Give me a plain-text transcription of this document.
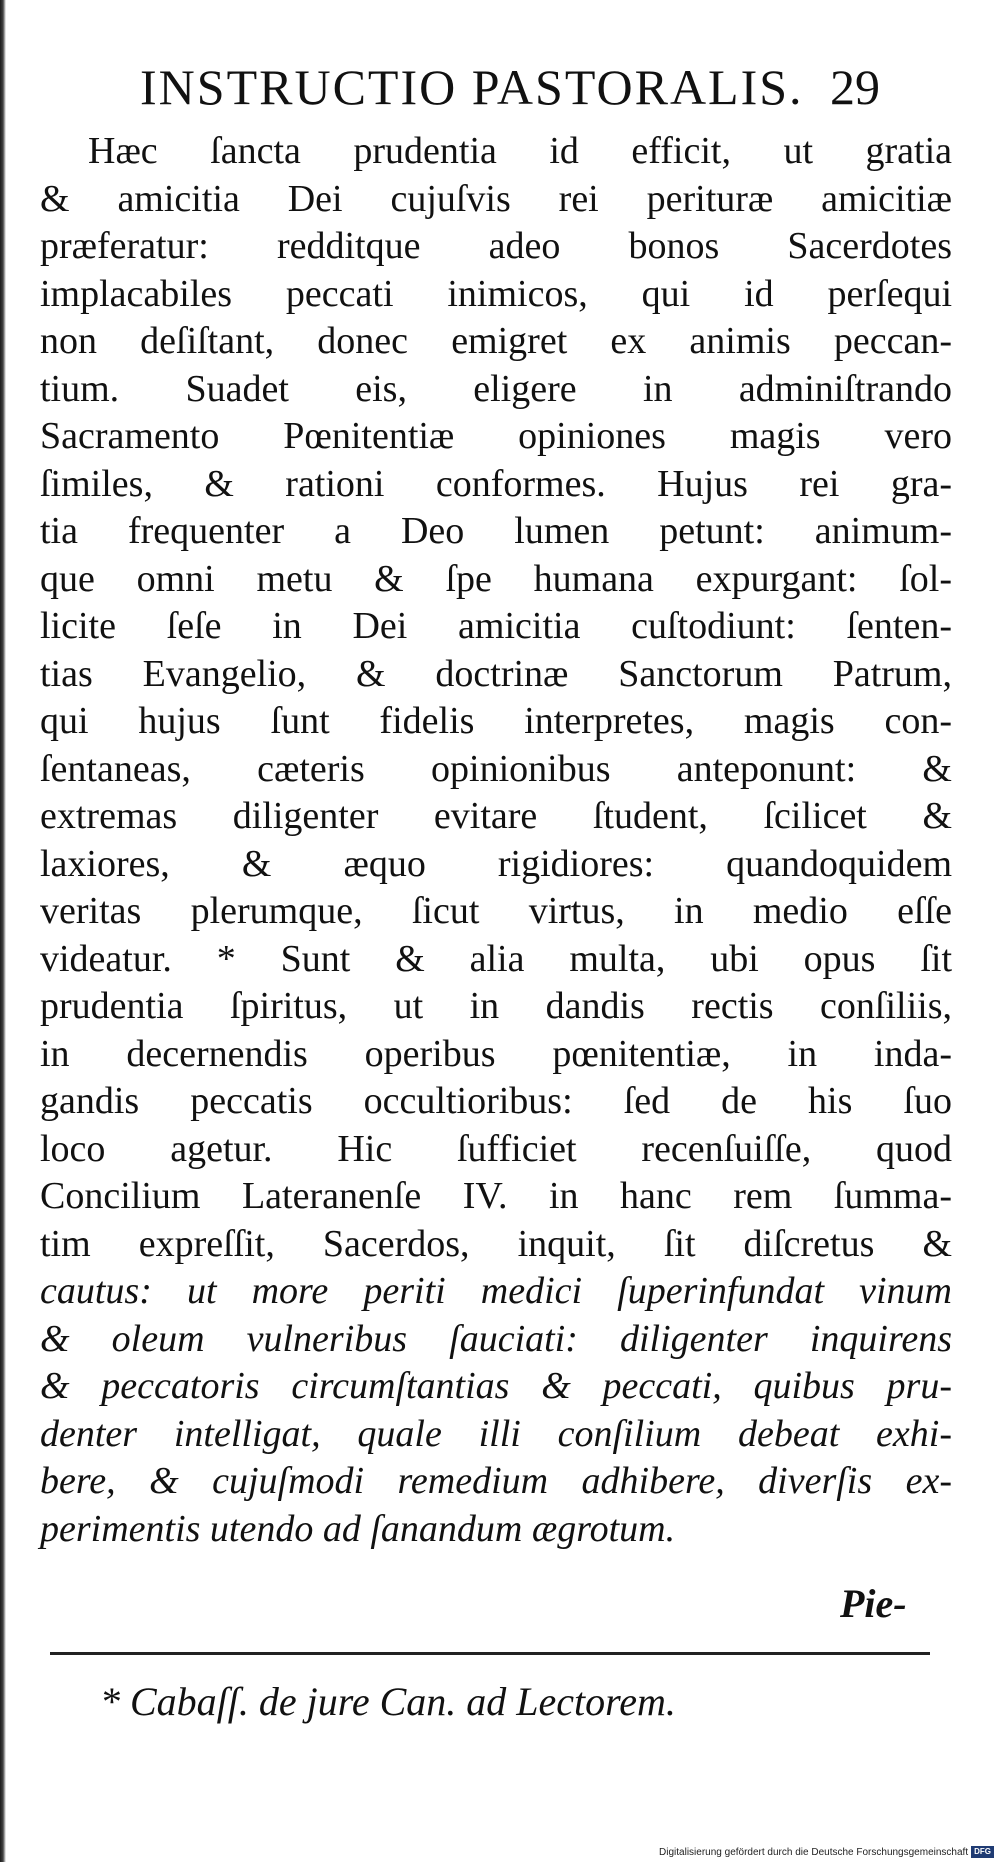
INSTRUCTIO PASTORALIS. 29
Hæc ſancta prudentia id efficit, ut gratia
& amicitia Dei cujuſvis rei perituræ amicitiæ
præferatur: redditque adeo bonos Sacerdotes
implacabiles peccati inimicos, qui id perſequi
non deſiſtant, donec emigret ex animis peccan-
tium. Suadet eis, eligere in adminiſtrando
Sacramento Pœnitentiæ opiniones magis vero
ſimiles, & rationi conformes. Hujus rei gra-
tia frequenter a Deo lumen petunt: animum-
que omni metu & ſpe humana expurgant: ſol-
licite ſeſe in Dei amicitia cuſtodiunt: ſenten-
tias Evangelio, & doctrinæ Sanctorum Patrum,
qui hujus ſunt fidelis interpretes, magis con-
ſentaneas, cæteris opinionibus anteponunt: &
extremas diligenter evitare ſtudent, ſcilicet &
laxiores, & æquo rigidiores: quandoquidem
veritas plerumque, ſicut virtus, in medio eſſe
videatur. * Sunt & alia multa, ubi opus ſit
prudentia ſpiritus, ut in dandis rectis conſiliis,
in decernendis operibus pœnitentiæ, in inda-
gandis peccatis occultioribus: ſed de his ſuo
loco agetur. Hic ſufficiet recenſuiſſe, quod
Concilium Lateranenſe IV. in hanc rem ſumma-
tim expreſſit, Sacerdos, inquit, ſit diſcretus &
cautus: ut more periti medici ſuperinfundat vinum
& oleum vulneribus ſauciati: diligenter inquirens
& peccatoris circumſtantias & peccati, quibus pru-
denter intelligat, quale illi conſilium debeat exhi-
bere, & cujuſmodi remedium adhibere, diverſis ex-
perimentis utendo ad ſanandum ægrotum.
Pie-
* Cabaſſ. de jure Can. ad Lectorem.
Digitalisierung gefördert durch die Deutsche Forschungsgemeinschaft DFG
